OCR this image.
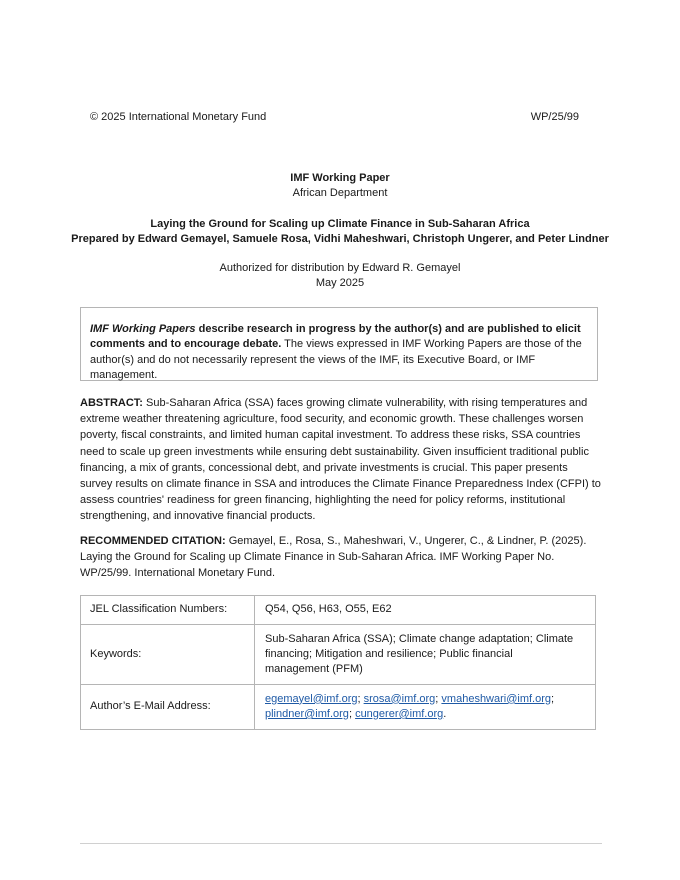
© 2025 International Monetary Fund	WP/25/99
IMF Working Paper
African Department
Laying the Ground for Scaling up Climate Finance in Sub-Saharan Africa
Prepared by Edward Gemayel, Samuele Rosa, Vidhi Maheshwari, Christoph Ungerer, and Peter Lindner
Authorized for distribution by Edward R. Gemayel
May 2025
IMF Working Papers describe research in progress by the author(s) and are published to elicit comments and to encourage debate. The views expressed in IMF Working Papers are those of the author(s) and do not necessarily represent the views of the IMF, its Executive Board, or IMF management.
ABSTRACT: Sub-Saharan Africa (SSA) faces growing climate vulnerability, with rising temperatures and extreme weather threatening agriculture, food security, and economic growth. These challenges worsen poverty, fiscal constraints, and limited human capital investment. To address these risks, SSA countries need to scale up green investments while ensuring debt sustainability. Given insufficient traditional public financing, a mix of grants, concessional debt, and private investments is crucial. This paper presents survey results on climate finance in SSA and introduces the Climate Finance Preparedness Index (CFPI) to assess countries' readiness for green financing, highlighting the need for policy reforms, institutional strengthening, and innovative financial products.
RECOMMENDED CITATION: Gemayel, E., Rosa, S., Maheshwari, V., Ungerer, C., & Lindner, P. (2025). Laying the Ground for Scaling up Climate Finance in Sub-Saharan Africa. IMF Working Paper No. WP/25/99. International Monetary Fund.
JEL Classification Numbers:	Q54, Q56, H63, O55, E62
Keywords:	Sub-Saharan Africa (SSA); Climate change adaptation; Climate financing; Mitigation and resilience; Public financial management (PFM)
Author’s E-Mail Address:	egemayel@imf.org; srosa@imf.org; vmaheshwari@imf.org; plindner@imf.org; cungerer@imf.org.
